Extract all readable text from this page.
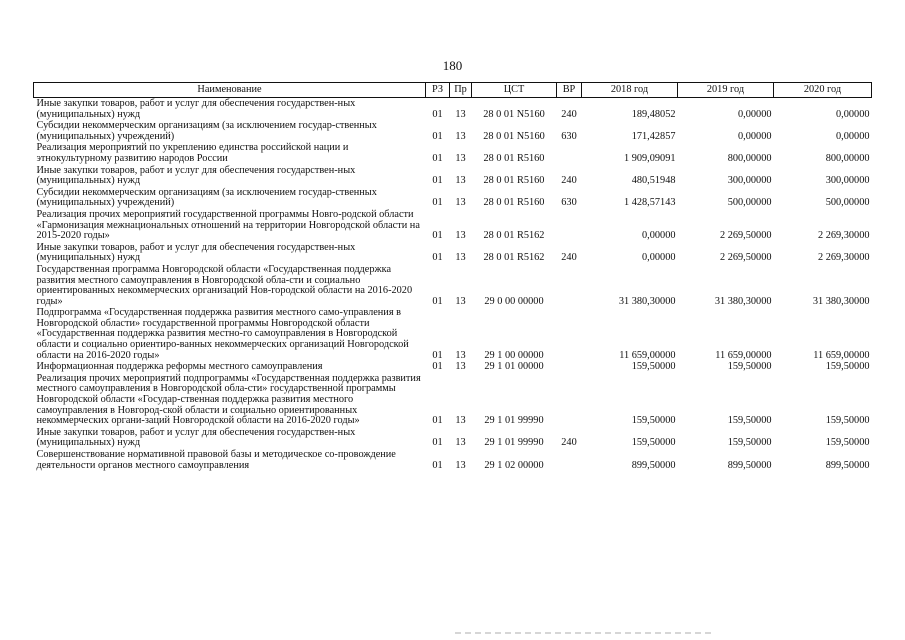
180
Наименование	РЗ	Пр	ЦСТ	ВР	2018 год	2019 год	2020 год
Иные закупки товаров, работ и услуг для обеспечения государствен-ных (муниципальных) нужд	01	13	28 0 01 N5160	240	189,48052	0,00000	0,00000
Субсидии некоммерческим организациям (за исключением государ-ственных (муниципальных) учреждений)	01	13	28 0 01 N5160	630	171,42857	0,00000	0,00000
Реализация мероприятий по укреплению единства российской нации и этнокультурному развитию народов России	01	13	28 0 01 R5160		1 909,09091	800,00000	800,00000
Иные закупки товаров, работ и услуг для обеспечения государствен-ных (муниципальных) нужд	01	13	28 0 01 R5160	240	480,51948	300,00000	300,00000
Субсидии некоммерческим организациям (за исключением государ-ственных (муниципальных) учреждений)	01	13	28 0 01 R5160	630	1 428,57143	500,00000	500,00000
Реализация прочих мероприятий государственной программы Новго-родской области «Гармонизация межнациональных отношений на территории Новгородской области на 2015-2020 годы»	01	13	28 0 01 R5162		0,00000	2 269,50000	2 269,30000
Иные закупки товаров, работ и услуг для обеспечения государствен-ных (муниципальных) нужд	01	13	28 0 01 R5162	240	0,00000	2 269,50000	2 269,30000
Государственная программа Новгородской области «Государственная поддержка развития местного самоуправления в Новгородской обла-сти и социально ориентированных некоммерческих организаций Нов-городской области на 2016-2020 годы»	01	13	29 0 00 00000		31 380,30000	31 380,30000	31 380,30000
Подпрограмма «Государственная поддержка развития местного само-управления в Новгородской области» государственной программы Новгородской области «Государственная поддержка развития местно-го самоуправления в Новгородской области и социально ориентиро-ванных некоммерческих организаций Новгородской области на 2016-2020 годы»	01	13	29 1 00 00000		11 659,00000	11 659,00000	11 659,00000
Информационная поддержка реформы местного самоуправления	01	13	29 1 01 00000		159,50000	159,50000	159,50000
Реализация прочих мероприятий подпрограммы «Государственная поддержка развития местного самоуправления в Новгородской обла-сти» государственной программы Новгородской области «Государ-ственная поддержка развития местного самоуправления в Новгород-ской области и социально ориентированных некоммерческих органи-заций Новгородской области на 2016-2020 годы»	01	13	29 1 01 99990		159,50000	159,50000	159,50000
Иные закупки товаров, работ и услуг для обеспечения государствен-ных (муниципальных) нужд	01	13	29 1 01 99990	240	159,50000	159,50000	159,50000
Совершенствование нормативной правовой базы и методическое со-провождение деятельности органов местного самоуправления	01	13	29 1 02 00000		899,50000	899,50000	899,50000
